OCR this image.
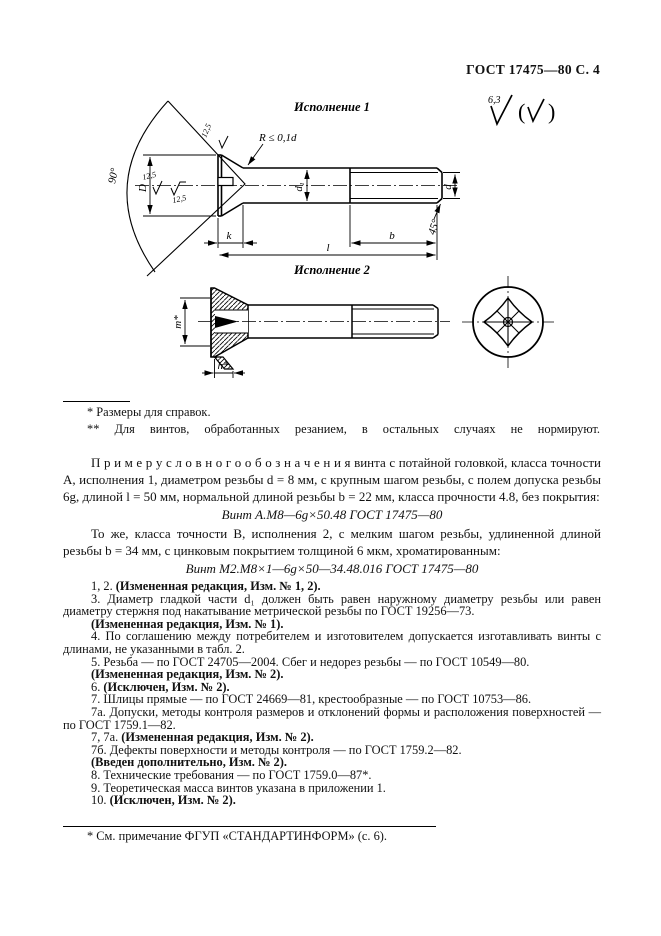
ГОСТ 17475—80 С. 4
6,3 ( )
Исполнение 1
90°
D	d₁	d
k	b
l
45°
R ≤ 0,1d
12,5
12,5
12,5
Исполнение 2
m*
h*

* Размеры для справок.

** Для винтов, обработанных резанием, в остальных случаях не нормируют.

П р и м е р у с л о в н о г о о б о з н а ч е н и я винта с потайной головкой, класса точности А, исполнения 1, диаметром резьбы d = 8 мм, с крупным шагом резьбы, с полем допуска резьбы 6g, длиной l = 50 мм, нормальной длиной резьбы b = 22 мм, класса прочности 4.8, без покрытия:

Винт А.М8—6g×50.48 ГОСТ 17475—80

То же, класса точности В, исполнения 2, с мелким шагом резьбы, удлиненной длиной резьбы b = 34 мм, с цинковым покрытием толщиной 6 мкм, хроматированным:

Винт М2.М8×1—6g×50—34.48.016 ГОСТ 17475—80

1, 2. (Измененная редакция, Изм. № 1, 2).

3. Диаметр гладкой части d₁ должен быть равен наружному диаметру резьбы или равен диаметру стержня под накатывание метрической резьбы по ГОСТ 19256—73.

(Измененная редакция, Изм. № 1).

4. По соглашению между потребителем и изготовителем допускается изготавливать винты с длинами, не указанными в табл. 2.

5. Резьба — по ГОСТ 24705—2004. Сбег и недорез резьбы — по ГОСТ 10549—80.

(Измененная редакция, Изм. № 2).

6. (Исключен, Изм. № 2).

7. Шлицы прямые — по ГОСТ 24669—81, крестообразные — по ГОСТ 10753—86.

7а. Допуски, методы контроля размеров и отклонений формы и расположения поверхностей — по ГОСТ 1759.1—82.

7, 7а. (Измененная редакция, Изм. № 2).

7б. Дефекты поверхности и методы контроля — по ГОСТ 1759.2—82.

(Введен дополнительно, Изм. № 2).

8. Технические требования — по ГОСТ 1759.0—87*.

9. Теоретическая масса винтов указана в приложении 1.

10. (Исключен, Изм. № 2).

* См. примечание ФГУП «СТАНДАРТИНФОРМ» (с. 6).
